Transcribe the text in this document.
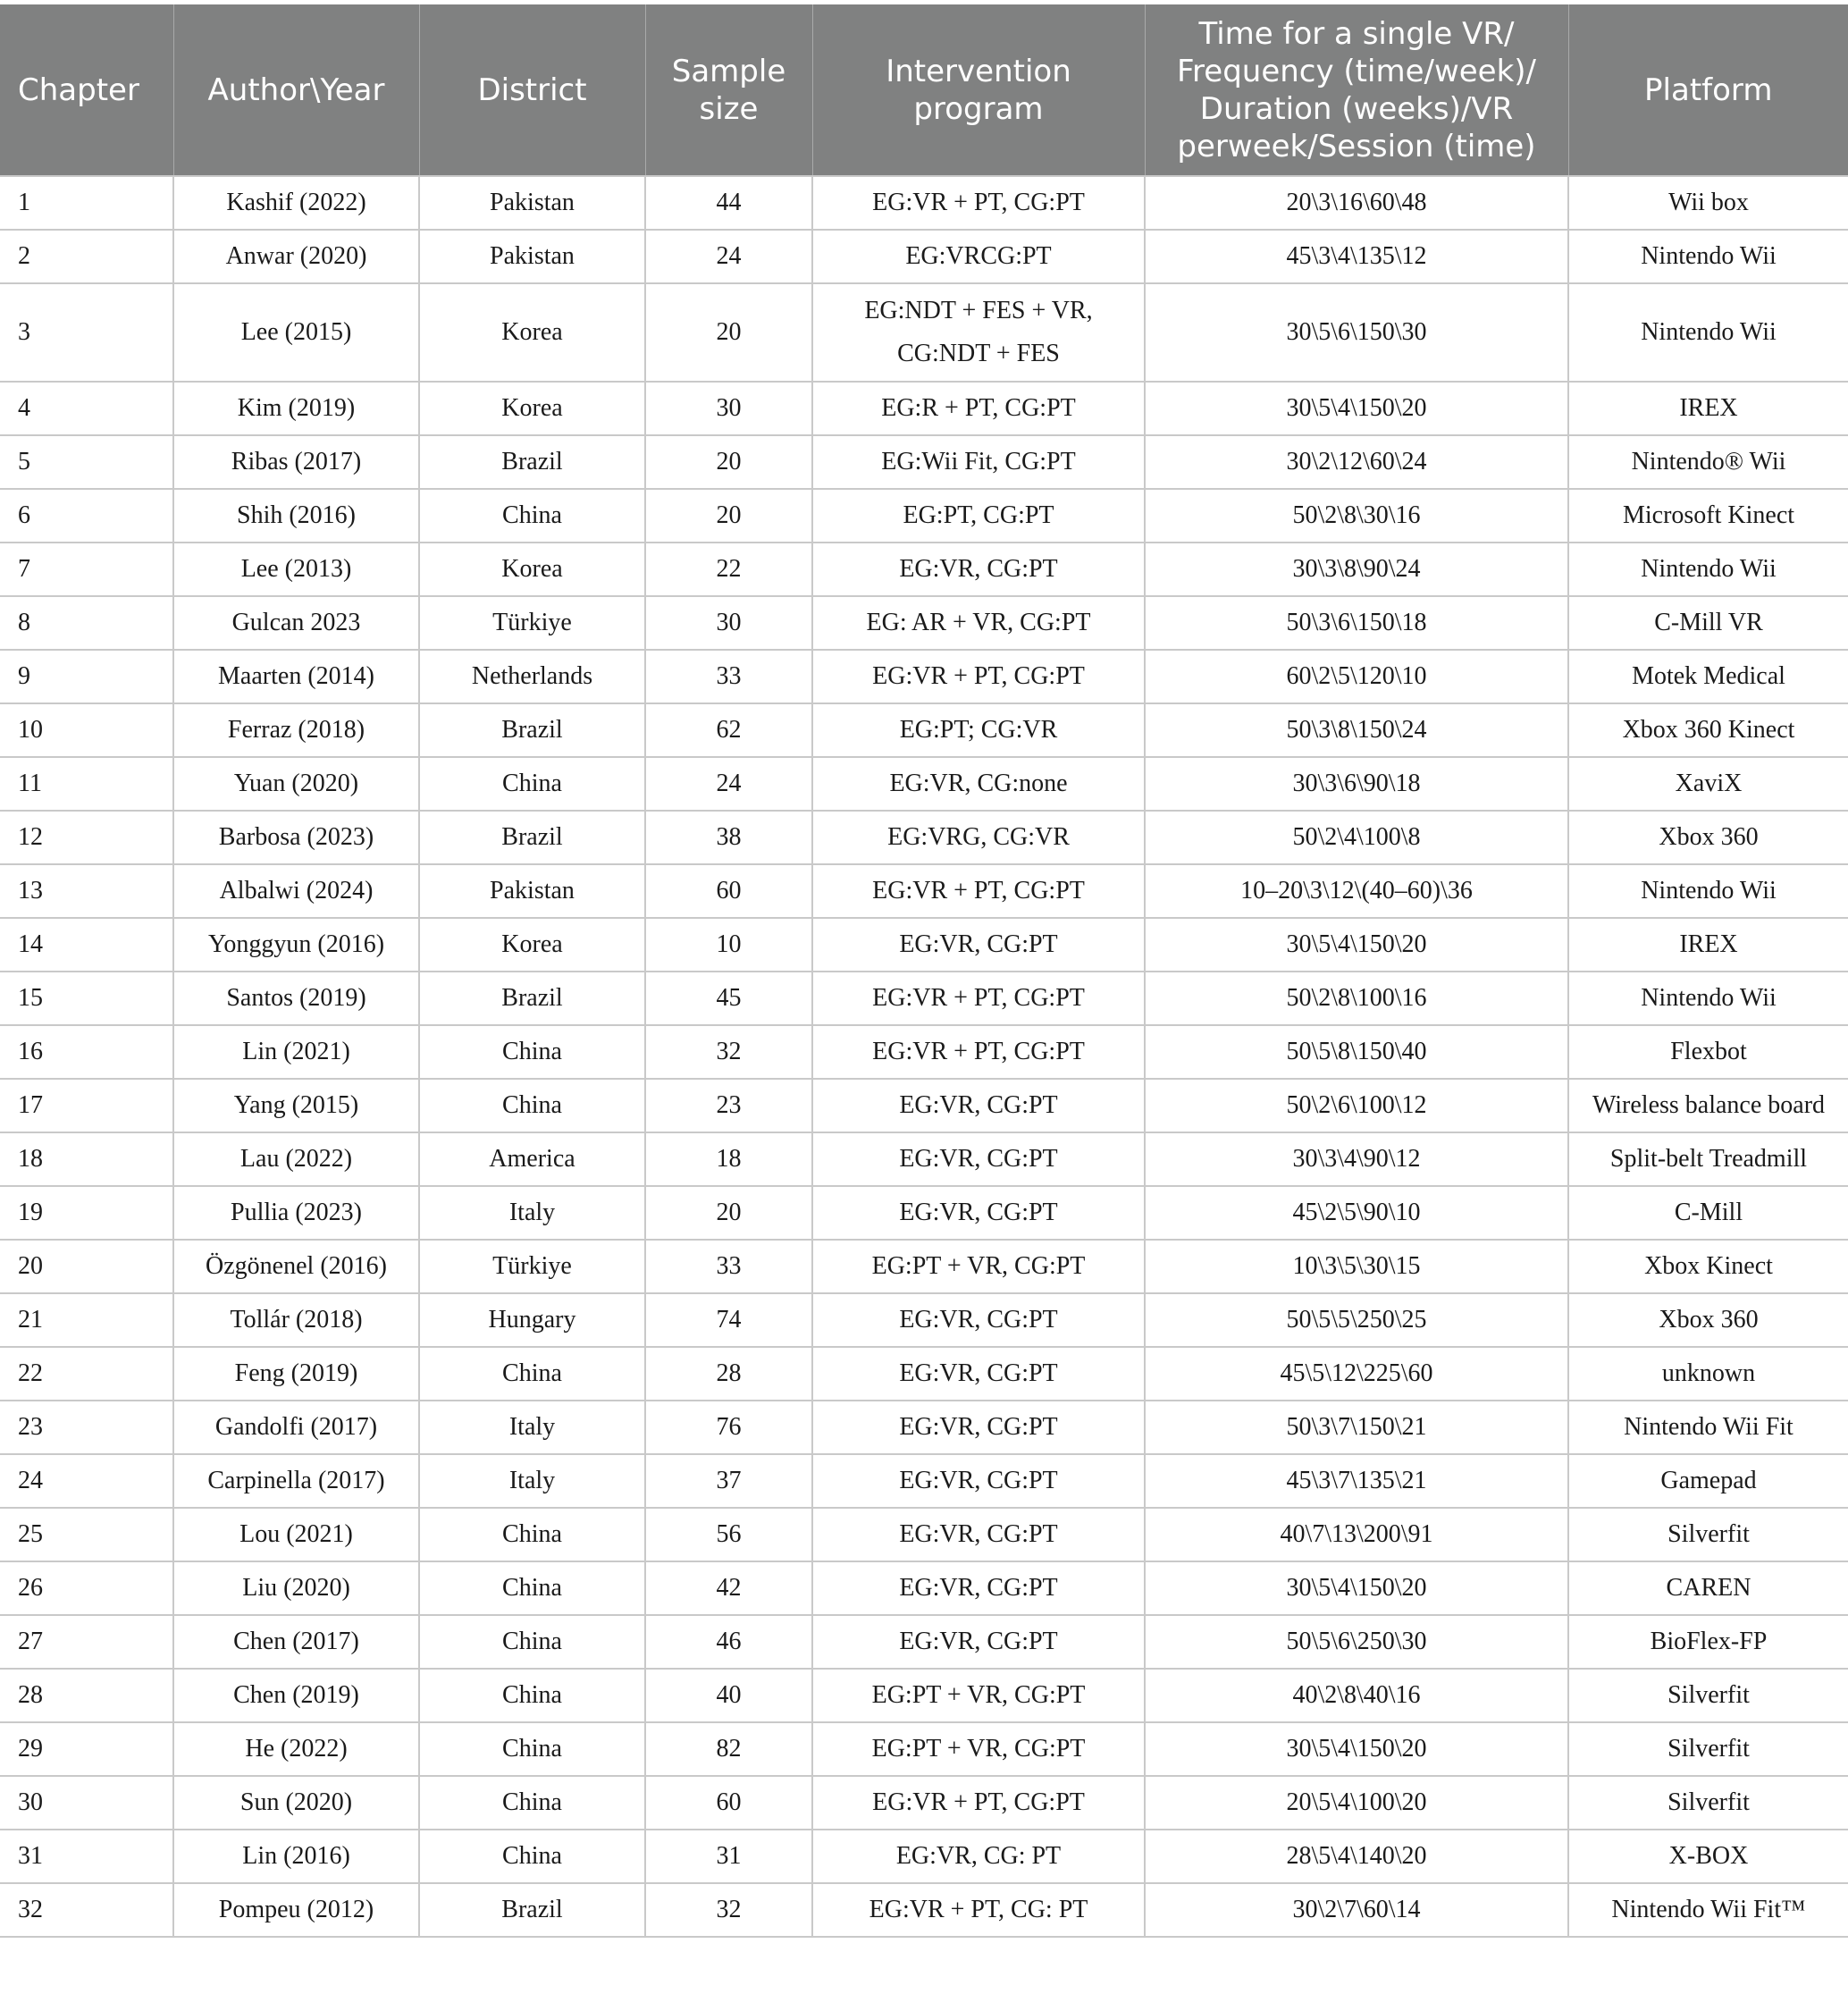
Chapter	Author\Year	District	Sample size	Intervention program	Time for a single VR/ Frequency (time/week)/ Duration (weeks)/VR perweek/Session (time)	Platform
1	Kashif (2022)	Pakistan	44	EG:VR + PT, CG:PT	20\3\16\60\48	Wii box
2	Anwar (2020)	Pakistan	24	EG:VRCG:PT	45\3\4\135\12	Nintendo Wii
3	Lee (2015)	Korea	20	EG:NDT + FES + VR, CG:NDT + FES	30\5\6\150\30	Nintendo Wii
4	Kim (2019)	Korea	30	EG:R + PT, CG:PT	30\5\4\150\20	IREX
5	Ribas (2017)	Brazil	20	EG:Wii Fit, CG:PT	30\2\12\60\24	Nintendo® Wii
6	Shih (2016)	China	20	EG:PT, CG:PT	50\2\8\30\16	Microsoft Kinect
7	Lee (2013)	Korea	22	EG:VR, CG:PT	30\3\8\90\24	Nintendo Wii
8	Gulcan 2023	Türkiye	30	EG: AR + VR, CG:PT	50\3\6\150\18	C-Mill VR
9	Maarten (2014)	Netherlands	33	EG:VR + PT, CG:PT	60\2\5\120\10	Motek Medical
10	Ferraz (2018)	Brazil	62	EG:PT; CG:VR	50\3\8\150\24	Xbox 360 Kinect
11	Yuan (2020)	China	24	EG:VR, CG:none	30\3\6\90\18	XaviX
12	Barbosa (2023)	Brazil	38	EG:VRG, CG:VR	50\2\4\100\8	Xbox 360
13	Albalwi (2024)	Pakistan	60	EG:VR + PT, CG:PT	10–20\3\12\(40–60)\36	Nintendo Wii
14	Yonggyun (2016)	Korea	10	EG:VR, CG:PT	30\5\4\150\20	IREX
15	Santos (2019)	Brazil	45	EG:VR + PT, CG:PT	50\2\8\100\16	Nintendo Wii
16	Lin (2021)	China	32	EG:VR + PT, CG:PT	50\5\8\150\40	Flexbot
17	Yang (2015)	China	23	EG:VR, CG:PT	50\2\6\100\12	Wireless balance board
18	Lau (2022)	America	18	EG:VR, CG:PT	30\3\4\90\12	Split-belt Treadmill
19	Pullia (2023)	Italy	20	EG:VR, CG:PT	45\2\5\90\10	C-Mill
20	Özgönenel (2016)	Türkiye	33	EG:PT + VR, CG:PT	10\3\5\30\15	Xbox Kinect
21	Tollár (2018)	Hungary	74	EG:VR, CG:PT	50\5\5\250\25	Xbox 360
22	Feng (2019)	China	28	EG:VR, CG:PT	45\5\12\225\60	unknown
23	Gandolfi (2017)	Italy	76	EG:VR, CG:PT	50\3\7\150\21	Nintendo Wii Fit
24	Carpinella (2017)	Italy	37	EG:VR, CG:PT	45\3\7\135\21	Gamepad
25	Lou (2021)	China	56	EG:VR, CG:PT	40\7\13\200\91	Silverfit
26	Liu (2020)	China	42	EG:VR, CG:PT	30\5\4\150\20	CAREN
27	Chen (2017)	China	46	EG:VR, CG:PT	50\5\6\250\30	BioFlex-FP
28	Chen (2019)	China	40	EG:PT + VR, CG:PT	40\2\8\40\16	Silverfit
29	He (2022)	China	82	EG:PT + VR, CG:PT	30\5\4\150\20	Silverfit
30	Sun (2020)	China	60	EG:VR + PT, CG:PT	20\5\4\100\20	Silverfit
31	Lin (2016)	China	31	EG:VR, CG: PT	28\5\4\140\20	X-BOX
32	Pompeu (2012)	Brazil	32	EG:VR + PT, CG: PT	30\2\7\60\14	Nintendo Wii Fit™
